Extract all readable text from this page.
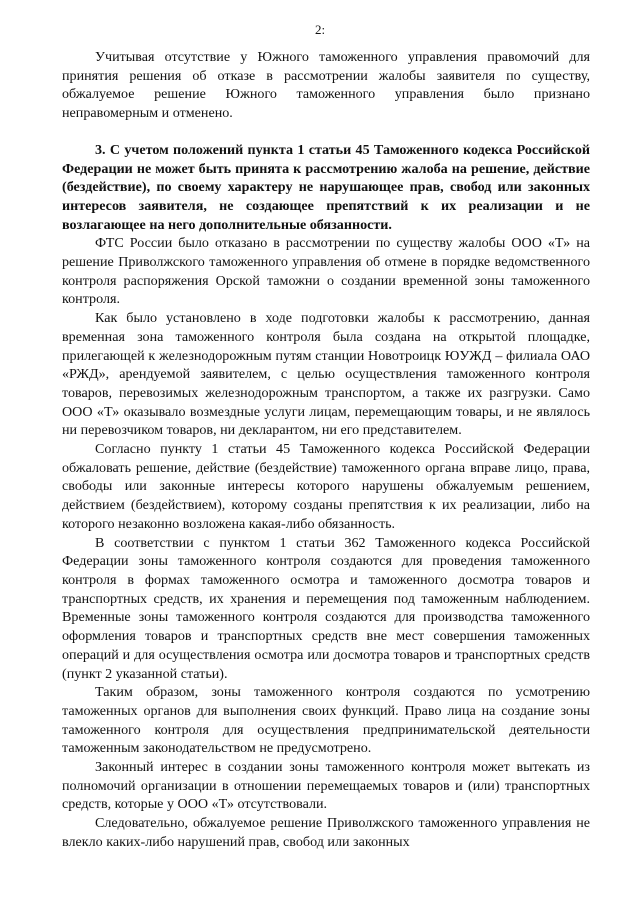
2:

Учитывая отсутствие у Южного таможенного управления правомочий для принятия решения об отказе в рассмотрении жалобы заявителя по существу, обжалуемое решение Южного таможенного управления было признано неправомерным и отменено.

3. С учетом положений пункта 1 статьи 45 Таможенного кодекса Российской Федерации не может быть принята к рассмотрению жалоба на решение, действие (бездействие), по своему характеру не нарушающее прав, свобод или законных интересов заявителя, не создающее препятствий к их реализации и не возлагающее на него дополнительные обязанности.

ФТС России было отказано в рассмотрении по существу жалобы ООО «Т» на решение Приволжского таможенного управления об отмене в порядке ведомственного контроля распоряжения Орской таможни о создании временной зоны таможенного контроля.

Как было установлено в ходе подготовки жалобы к рассмотрению, данная временная зона таможенного контроля была создана на открытой площадке, прилегающей к железнодорожным путям станции Новотроицк ЮУЖД – филиала ОАО «РЖД», арендуемой заявителем, с целью осуществления таможенного контроля товаров, перевозимых железнодорожным транспортом, а также их разгрузки. Само ООО «Т» оказывало возмездные услуги лицам, перемещающим товары, и не являлось ни перевозчиком товаров, ни декларантом, ни его представителем.

Согласно пункту 1 статьи 45 Таможенного кодекса Российской Федерации обжаловать решение, действие (бездействие) таможенного органа вправе лицо, права, свободы или законные интересы которого нарушены обжалуемым решением, действием (бездействием), которому созданы препятствия к их реализации, либо на которого незаконно возложена какая-либо обязанность.

В соответствии с пунктом 1 статьи 362 Таможенного кодекса Российской Федерации зоны таможенного контроля создаются для проведения таможенного контроля в формах таможенного осмотра и таможенного досмотра товаров и транспортных средств, их хранения и перемещения под таможенным наблюдением. Временные зоны таможенного контроля создаются для производства таможенного оформления товаров и транспортных средств вне мест совершения таможенных операций и для осуществления осмотра или досмотра товаров и транспортных средств (пункт 2 указанной статьи).

Таким образом, зоны таможенного контроля создаются по усмотрению таможенных органов для выполнения своих функций. Право лица на создание зоны таможенного контроля для осуществления предпринимательской деятельности таможенным законодательством не предусмотрено.

Законный интерес в создании зоны таможенного контроля может вытекать из полномочий организации в отношении перемещаемых товаров и (или) транспортных средств, которые у ООО «Т» отсутствовали.

Следовательно, обжалуемое решение Приволжского таможенного управления не влекло каких-либо нарушений прав, свобод или законных
